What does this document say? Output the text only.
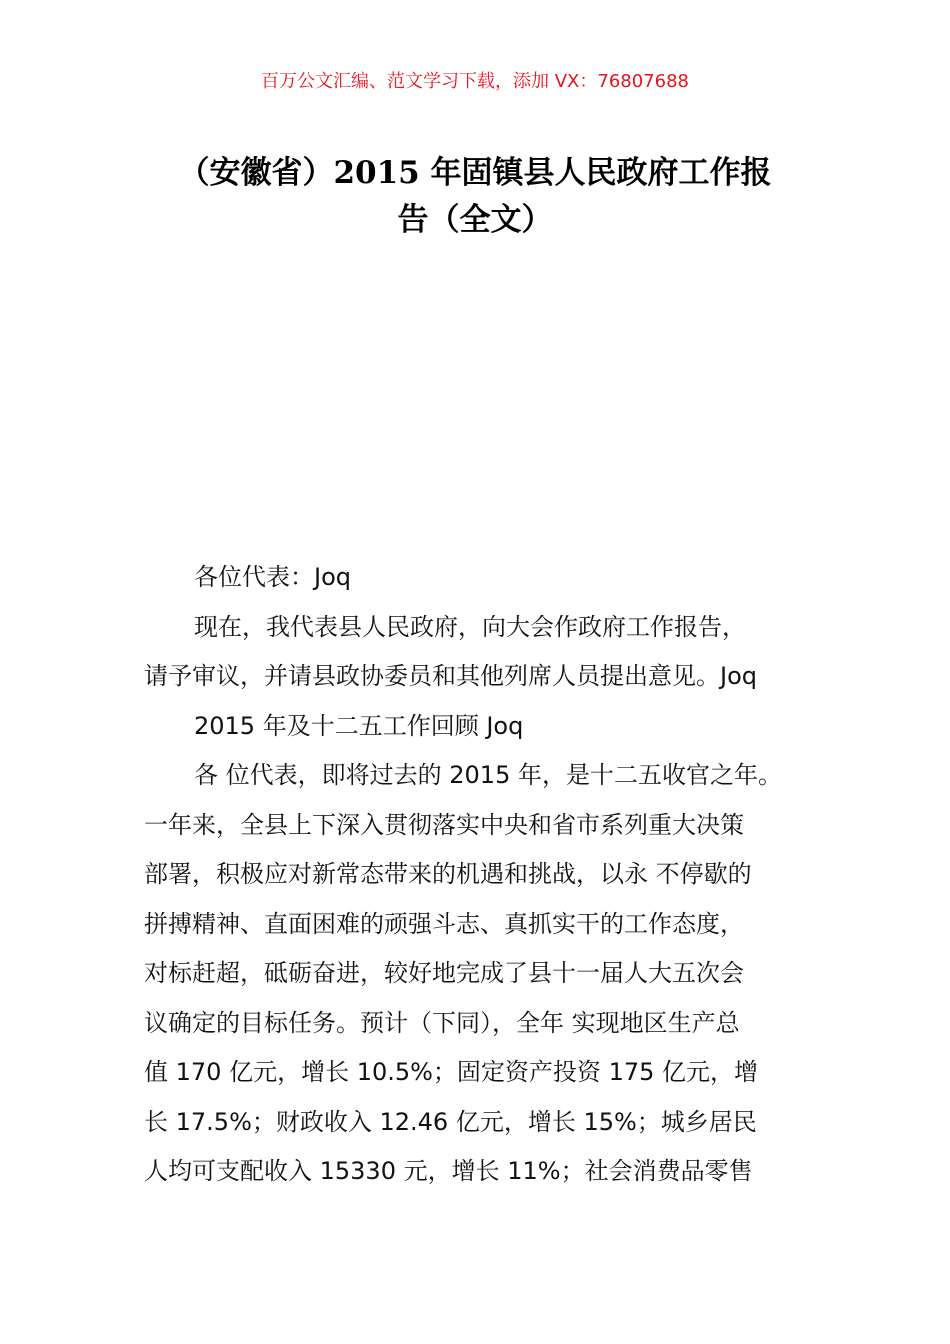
百万公文汇编、范文学习下载，添加 VX：76807688
（安徽省）2015 年固镇县人民政府工作报
告（全文）

各位代表：Joq

现在，我代表县人民政府，向大会作政府工作报告，
请予审议，并请县政协委员和其他列席人员提出意见。Joq

2015 年及十二五工作回顾 Joq

各 位代表，即将过去的 2015 年，是十二五收官之年。
一年来，全县上下深入贯彻落实中央和省市系列重大决策
部署，积极应对新常态带来的机遇和挑战，以永 不停歇的
拼搏精神、直面困难的顽强斗志、真抓实干的工作态度，
对标赶超，砥砺奋进，较好地完成了县十一届人大五次会
议确定的目标任务。预计（下同），全年 实现地区生产总
值 170 亿元，增长 10.5%；固定资产投资 175 亿元，增
长 17.5%；财政收入 12.46 亿元，增长 15%；城乡居民
人均可支配收入 15330 元，增长 11%；社会消费品零售
